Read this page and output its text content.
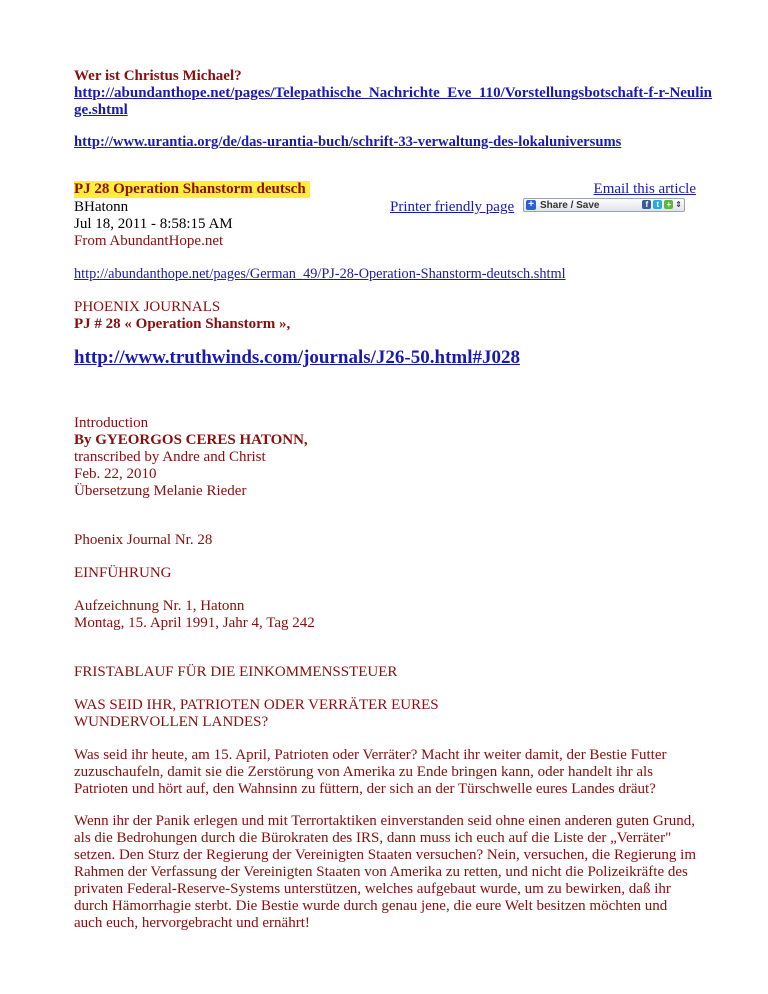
Wer ist Christus Michael?
http://abundanthope.net/pages/Telepathische_Nachrichte_Eve_110/Vorstellungsbotschaft-f-r-Neulinge.shtml
http://www.urantia.org/de/das-urantia-buch/schrift-33-verwaltung-des-lokaluniversums
PJ 28 Operation Shanstorm deutsch
BHatonn
Jul 18, 2011 - 8:58:15 AM
From AbundantHope.net
Email this article
Printer friendly page + Share / Save	f	t + ⇕
http://abundanthope.net/pages/German_49/PJ-28-Operation-Shanstorm-deutsch.shtml
PHOENIX JOURNALS
PJ # 28 « Operation Shanstorm »,
http://www.truthwinds.com/journals/J26-50.html#J028
Introduction
By GYEORGOS CERES HATONN,
transcribed by Andre and Christ
Feb. 22, 2010
Übersetzung Melanie Rieder
Phoenix Journal Nr. 28
EINFÜHRUNG
Aufzeichnung Nr. 1, Hatonn
Montag, 15. April 1991, Jahr 4, Tag 242
FRISTABLAUF FÜR DIE EINKOMMENSSTEUER
WAS SEID IHR, PATRIOTEN ODER VERRÄTER EURES
WUNDERVOLLEN LANDES?

Was seid ihr heute, am 15. April, Patrioten oder Verräter? Macht ihr weiter damit, der Bestie Futter zuzuschaufeln, damit sie die Zerstörung von Amerika zu Ende bringen kann, oder handelt ihr als Patrioten und hört auf, den Wahnsinn zu füttern, der sich an der Türschwelle eures Landes dräut?

Wenn ihr der Panik erlegen und mit Terrortaktiken einverstanden seid ohne einen anderen guten Grund, als die Bedrohungen durch die Bürokraten des IRS, dann muss ich euch auf die Liste der „Verräter" setzen. Den Sturz der Regierung der Vereinigten Staaten versuchen? Nein, versuchen, die Regierung im Rahmen der Verfassung der Vereinigten Staaten von Amerika zu retten, und nicht die Polizeikräfte des privaten Federal-Reserve-Systems unterstützen, welches aufgebaut wurde, um zu bewirken, daß ihr durch Hämorrhagie sterbt. Die Bestie wurde durch genau jene, die eure Welt besitzen möchten und auch euch, hervorgebracht und ernährt!
